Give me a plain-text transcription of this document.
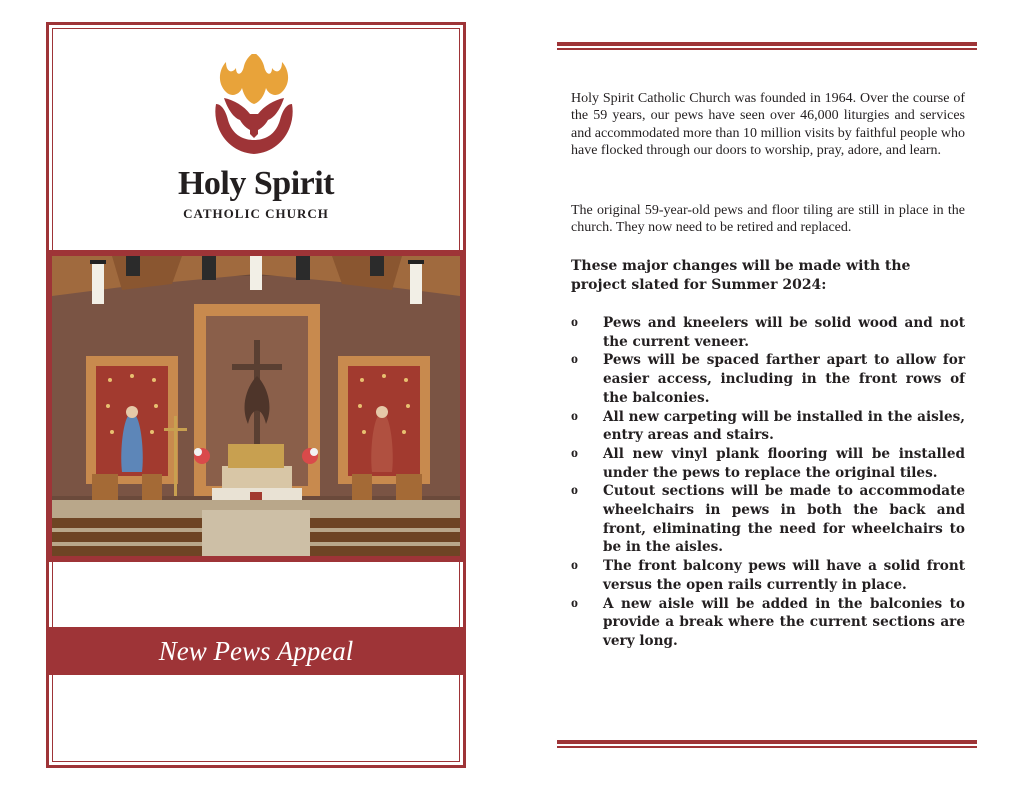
Holy Spirit
CATHOLIC CHURCH
New Pews Appeal

Holy Spirit Catholic Church was founded in 1964. Over the course of the 59 years, our pews have seen over 46,000 liturgies and services and accommodated more than 10 million visits by faithful people who have flocked through our doors to worship, pray, adore, and learn.

The original 59-year-old pews and floor tiling are still in place in the church. They now need to be retired and replaced.

These major changes will be made with the project slated for Summer 2024:

o Pews and kneelers will be solid wood and not the current veneer.
o Pews will be spaced farther apart to allow for easier access, including in the front rows of the balconies.
o All new carpeting will be installed in the aisles, entry areas and stairs.
o All new vinyl plank flooring will be installed under the pews to replace the original tiles.
o Cutout sections will be made to accommodate wheelchairs in pews in both the back and front, eliminating the need for wheelchairs to be in the aisles.
o The front balcony pews will have a solid front versus the open rails currently in place.
o A new aisle will be added in the balconies to provide a break where the current sections are very long.
